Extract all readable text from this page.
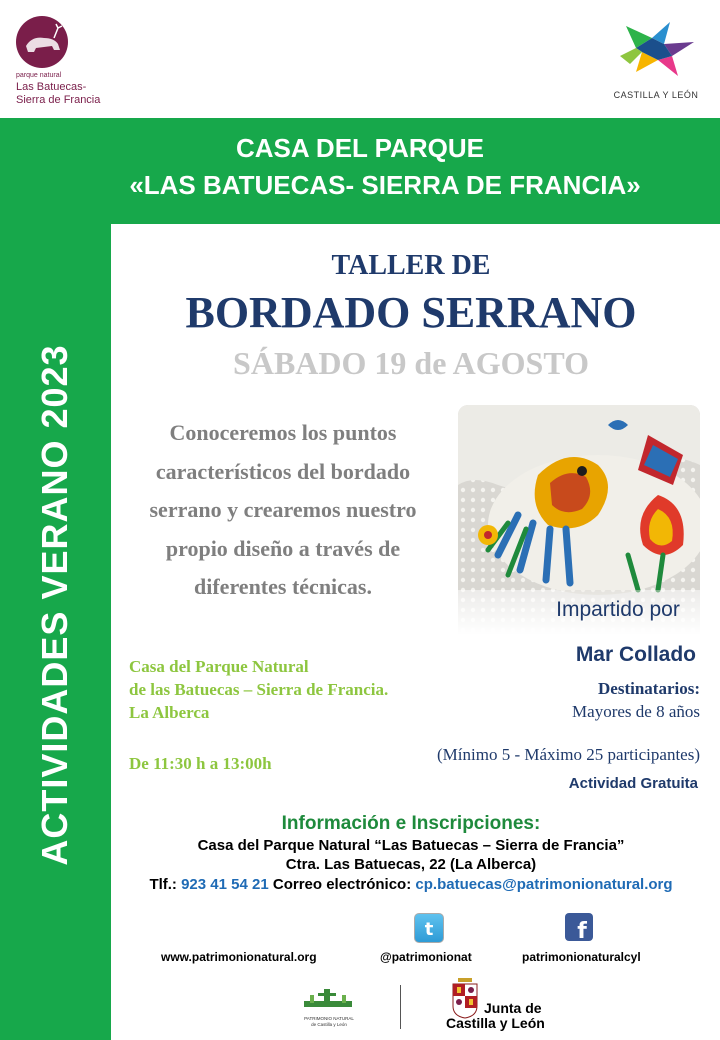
parque natural
Las Batuecas-
Sierra de Francia	CASTILLA Y LEÓN
CASA DEL PARQUE
«LAS BATUECAS- SIERRA DE FRANCIA»
ACTIVIDADES VERANO 2023
TALLER DE
BORDADO SERRANO
SÁBADO 19 de AGOSTO
Conoceremos los puntos
característicos del bordado
serrano y crearemos nuestro
propio diseño a través de
diferentes técnicas.
Impartido por
Mar Collado
Casa del Parque Natural
de las Batuecas – Sierra de Francia.
La Alberca
Destinatarios:
Mayores de 8 años
De 11:30 h a 13:00h	(Mínimo 5 - Máximo 25 participantes)
Actividad Gratuita
Información e Inscripciones:
Casa del Parque Natural “Las Batuecas – Sierra de Francia”
Ctra. Las Batuecas, 22 (La Alberca)
Tlf.: 923 41 54 21 Correo electrónico: cp.batuecas@patrimonionatural.org
t	f
www.patrimonionatural.org	@patrimonionat	patrimonionaturalcyl
PATRIMONIO NATURAL
de Castilla y León
Junta de
Castilla y León
